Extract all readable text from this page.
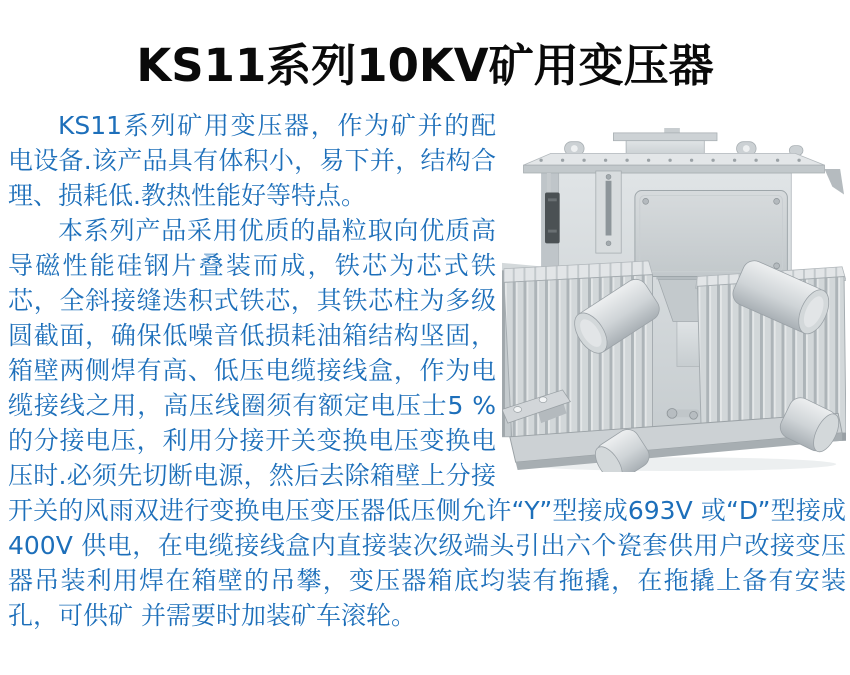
KS11系列10KV矿用变压器

KS11系列矿用变压器，作为矿并的配电设备.该产品具有体积小，易下并，结构合理、损耗低.教热性能好等特点。

本系列产品采用优质的晶粒取向优质高导磁性能硅钢片叠装而成，铁芯为芯式铁芯，全斜接缝迭积式铁芯，其铁芯柱为多级圆截面，确保低噪音低损耗油箱结构坚固，箱壁两侧焊有高、低压电缆接线盒，作为电缆接线之用，高压线圈须有额定电压士5 %的分接电压，利用分接开关变换电压变换电压时.必须先切断电源，然后去除箱壁上分接开关的风雨双进行变换电压变压器低压侧允许“Y”型接成693V 或“D”型接成400V 供电，在电缆接线盒内直接装次级端头引出六个瓷套供用户改接变压器吊装利用焊在箱壁的吊攀，变压器箱底均装有拖撬，在拖撬上备有安装孔，可供矿 并需要时加装矿车滚轮。
